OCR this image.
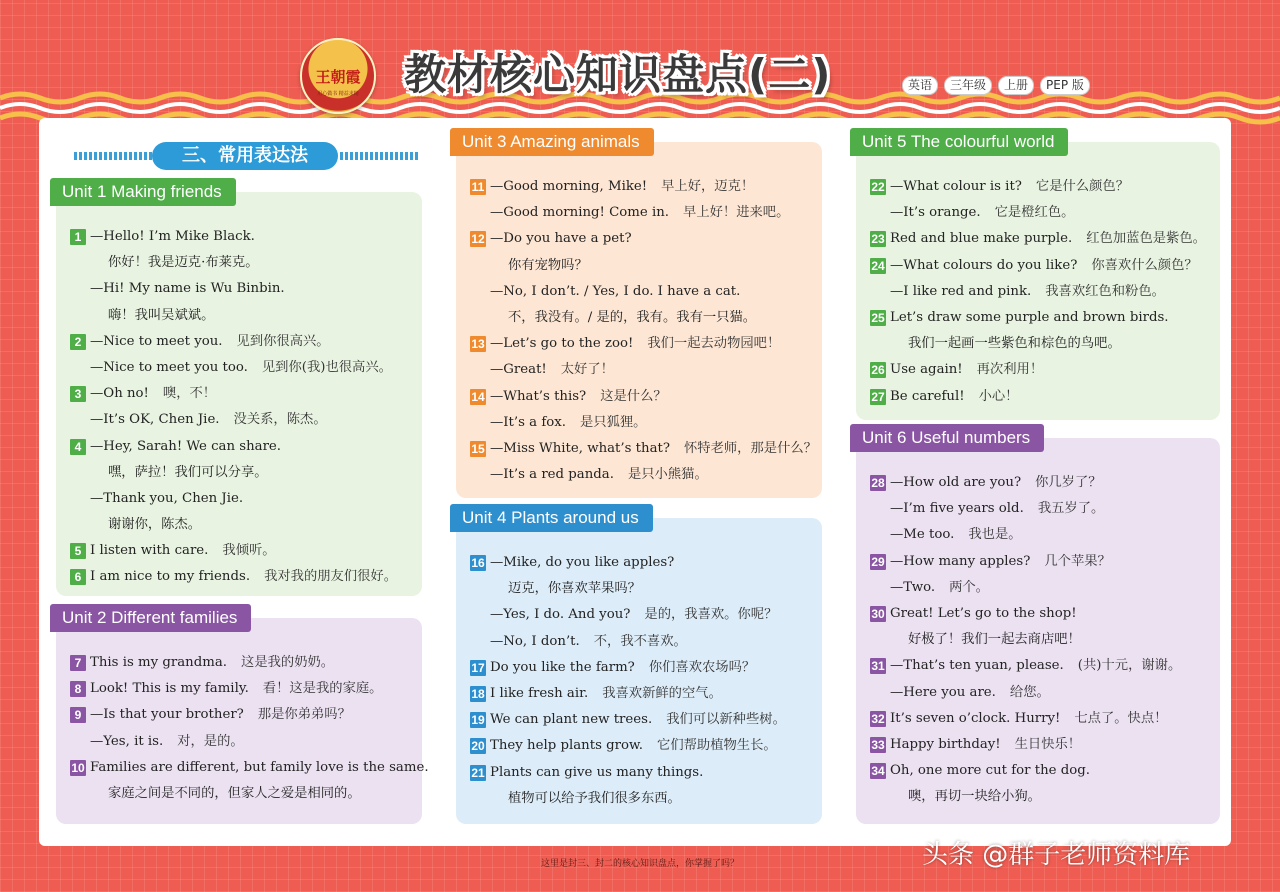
王朝霞
用心做书 精益求精	教材核心知识盘点(二)	英语	三年级	上册	PEP 版
三、常用表达法
Unit 1 Making friends
1 —Hello! I’m Mike Black.
你好！我是迈克·布莱克。
—Hi! My name is Wu Binbin.
嗨！我叫吴斌斌。
2 —Nice to meet you. 见到你很高兴。
—Nice to meet you too. 见到你(我)也很高兴。
3 —Oh no! 噢，不！
—It’s OK, Chen Jie. 没关系，陈杰。
4 —Hey, Sarah! We can share.
嘿，萨拉！我们可以分享。
—Thank you, Chen Jie.
谢谢你，陈杰。
5 I listen with care. 我倾听。
6 I am nice to my friends. 我对我的朋友们很好。
Unit 2 Different families
7 This is my grandma. 这是我的奶奶。
8 Look! This is my family. 看！这是我的家庭。
9 —Is that your brother? 那是你弟弟吗？
—Yes, it is. 对，是的。
10 Families are different, but family love is the same.
家庭之间是不同的，但家人之爱是相同的。
Unit 3 Amazing animals
11 —Good morning, Mike! 早上好，迈克！
—Good morning! Come in. 早上好！进来吧。
12 —Do you have a pet?
你有宠物吗？
—No, I don’t. / Yes, I do. I have a cat.
不，我没有。/ 是的，我有。我有一只猫。
13 —Let’s go to the zoo! 我们一起去动物园吧！
—Great! 太好了！
14 —What’s this? 这是什么？
—It’s a fox. 是只狐狸。
15 —Miss White, what’s that? 怀特老师，那是什么？
—It’s a red panda. 是只小熊猫。
Unit 4 Plants around us
16 —Mike, do you like apples?
迈克，你喜欢苹果吗？
—Yes, I do. And you? 是的，我喜欢。你呢？
—No, I don’t. 不，我不喜欢。
17 Do you like the farm? 你们喜欢农场吗？
18 I like fresh air. 我喜欢新鲜的空气。
19 We can plant new trees. 我们可以新种些树。
20 They help plants grow. 它们帮助植物生长。
21 Plants can give us many things.
植物可以给予我们很多东西。
Unit 5 The colourful world
22 —What colour is it? 它是什么颜色？
—It’s orange. 它是橙红色。
23 Red and blue make purple. 红色加蓝色是紫色。
24 —What colours do you like? 你喜欢什么颜色？
—I like red and pink. 我喜欢红色和粉色。
25 Let’s draw some purple and brown birds.
我们一起画一些紫色和棕色的鸟吧。
26 Use again! 再次利用！
27 Be careful! 小心！
Unit 6 Useful numbers
28 —How old are you? 你几岁了？
—I’m five years old. 我五岁了。
—Me too. 我也是。
29 —How many apples? 几个苹果？
—Two. 两个。
30 Great! Let’s go to the shop!
好极了！我们一起去商店吧！
31 —That’s ten yuan, please. (共)十元，谢谢。
—Here you are. 给您。
32 It’s seven o’clock. Hurry! 七点了。快点！
33 Happy birthday! 生日快乐！
34 Oh, one more cut for the dog.
噢，再切一块给小狗。
这里是封三、封二的核心知识盘点，你掌握了吗？	头条 @群子老师资料库
